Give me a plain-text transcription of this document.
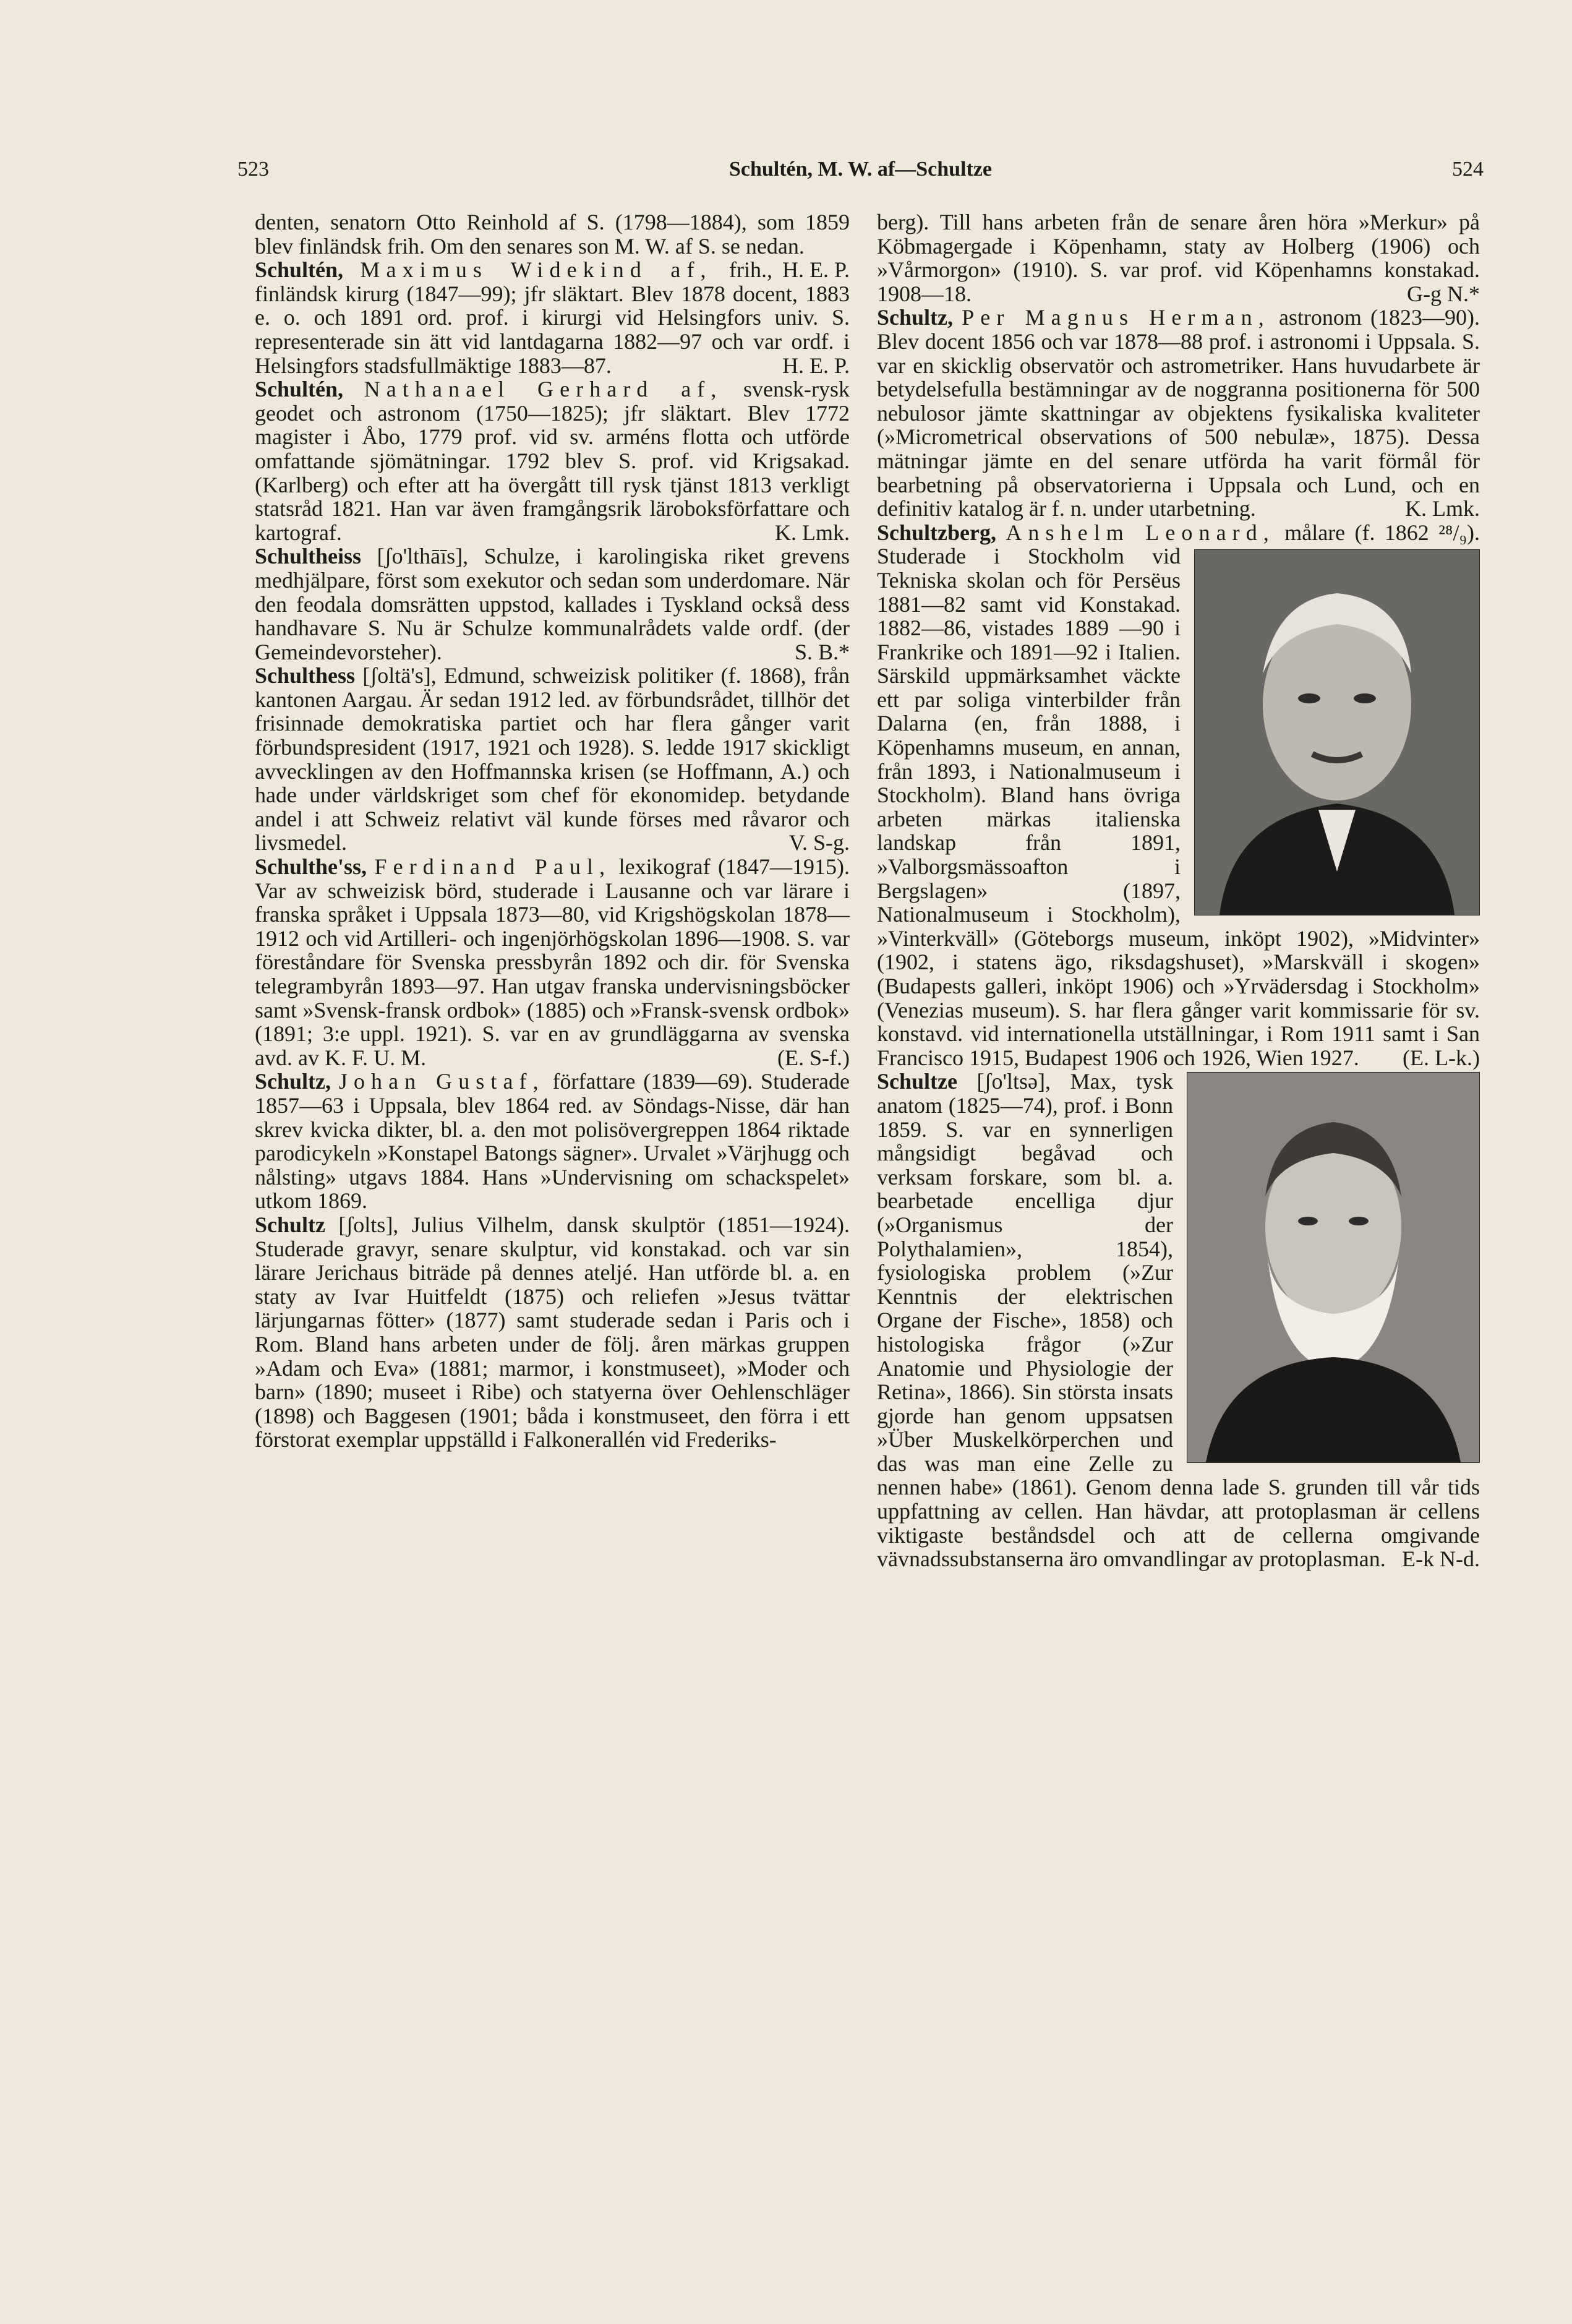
523	Schultén, M. W. af—Schultze	524

denten, senatorn Otto Reinhold af S. (1798—1884), som 1859 blev finländsk frih. Om den senares son M. W. af S. se nedan.
H. E. P.

Schultén, Maximus Widekind af, frih., finländsk kirurg (1847—99); jfr släktart. Blev 1878 docent, 1883 e. o. och 1891 ord. prof. i kirurgi vid Helsingfors univ. S. representerade sin ätt vid lantdagarna 1882—97 och var ordf. i Helsingfors stadsfullmäktige 1883—87.	H. E. P.

Schultén, Nathanael Gerhard af, svensk-rysk geodet och astronom (1750—1825); jfr släktart. Blev 1772 magister i Åbo, 1779 prof. vid sv. arméns flotta och utförde omfattande sjömätningar. 1792 blev S. prof. vid Krigsakad. (Karlberg) och efter att ha övergått till rysk tjänst 1813 verkligt statsråd 1821. Han var även framgångsrik läroboksförfattare och kartograf.	K. Lmk.

Schultheiss [ʃo'lthāīs], Schulze, i karolingiska riket grevens medhjälpare, först som exekutor och sedan som underdomare. När den feodala domsrätten uppstod, kallades i Tyskland också dess handhavare S. Nu är Schulze kommunalrådets valde ordf. (der Gemeindevorsteher).	S. B.*

Schulthess [ʃoltä's], Edmund, schweizisk politiker (f. 1868), från kantonen Aargau. Är sedan 1912 led. av förbundsrådet, tillhör det frisinnade demokratiska partiet och har flera gånger varit förbundspresident (1917, 1921 och 1928). S. ledde 1917 skickligt avvecklingen av den Hoffmannska krisen (se Hoffmann, A.) och hade under världskriget som chef för ekonomidep. betydande andel i att Schweiz relativt väl kunde förses med råvaror och livsmedel.	V. S-g.

Schulthe'ss, Ferdinand Paul, lexikograf (1847—1915). Var av schweizisk börd, studerade i Lausanne och var lärare i franska språket i Uppsala 1873—80, vid Krigshögskolan 1878—1912 och vid Artilleri- och ingenjörhögskolan 1896—1908. S. var föreståndare för Svenska pressbyrån 1892 och dir. för Svenska telegrambyrån 1893—97. Han utgav franska undervisningsböcker samt »Svensk-fransk ordbok» (1885) och »Fransk-svensk ordbok» (1891; 3:e uppl. 1921). S. var en av grundläggarna av svenska avd. av K. F. U. M.	(E. S-f.)

Schultz, Johan Gustaf, författare (1839—69). Studerade 1857—63 i Uppsala, blev 1864 red. av Söndags-Nisse, där han skrev kvicka dikter, bl. a. den mot polisövergreppen 1864 riktade parodicykeln »Konstapel Batongs sägner». Urvalet »Värjhugg och nålsting» utgavs 1884. Hans »Undervisning om schackspelet» utkom 1869.

Schultz [ʃolts], Julius Vilhelm, dansk skulptör (1851—1924). Studerade gravyr, senare skulptur, vid konstakad. och var sin lärare Jerichaus biträde på dennes ateljé. Han utförde bl. a. en staty av Ivar Huitfeldt (1875) och reliefen »Jesus tvättar lärjungarnas fötter» (1877) samt studerade sedan i Paris och i Rom. Bland hans arbeten under de följ. åren märkas gruppen »Adam och Eva» (1881; marmor, i konstmuseet), »Moder och barn» (1890; museet i Ribe) och statyerna över Oehlenschläger (1898) och Baggesen (1901; båda i konstmuseet, den förra i ett förstorat exemplar uppställd i Falkonerallén vid Frederiks-

berg). Till hans arbeten från de senare åren höra »Merkur» på Köbmagergade i Köpenhamn, staty av Holberg (1906) och »Vårmorgon» (1910). S. var prof. vid Köpenhamns konstakad. 1908—18.	G-g N.*

Schultz, Per Magnus Herman, astronom (1823—90). Blev docent 1856 och var 1878—88 prof. i astronomi i Uppsala. S. var en skicklig observatör och astrometriker. Hans huvudarbete är betydelsefulla bestämningar av de noggranna positionerna för 500 nebulosor jämte skattningar av objektens fysikaliska kvaliteter (»Micrometrical observations of 500 nebulæ», 1875). Dessa mätningar jämte en del senare utförda ha varit förmål för bearbetning på observatorierna i Uppsala och Lund, och en definitiv katalog är f. n. under utarbetning.	K. Lmk.

Schultzberg, Anshelm Leonard, målare (f. 1862 ²⁸/₉). Studerade i Stockholm vid Tekniska skolan och för Persëus 1881—82 samt vid Konstakad. 1882—86, vistades 1889 —90 i Frankrike och 1891—92 i Italien. Särskild uppmärksamhet väckte ett par soliga vinterbilder från Dalarna (en, från 1888, i Köpenhamns museum, en annan, från 1893, i Nationalmuseum i Stockholm). Bland hans övriga arbeten märkas italienska landskap från 1891, »Valborgsmässoafton i Bergslagen» (1897, Nationalmuseum i Stockholm), »Vinterkväll» (Göteborgs museum, inköpt 1902), »Midvinter» (1902, i statens ägo, riksdagshuset), »Marskväll i skogen» (Budapests galleri, inköpt 1906) och »Yrvädersdag i Stockholm» (Venezias museum). S. har flera gånger varit kommissarie för sv. konstavd. vid internationella utställningar, i Rom 1911 samt i San Francisco 1915, Budapest 1906 och 1926, Wien 1927. (E. L-k.)

Schultze [ʃo'ltsə], Max, tysk anatom (1825—74), prof. i Bonn 1859. S. var en synnerligen mångsidigt begåvad och verksam forskare, som bl. a. bearbetade encelliga djur (»Organismus der Polythalamien», 1854), fysiologiska problem (»Zur Kenntnis der elektrischen Organe der Fische», 1858) och histologiska frågor (»Zur Anatomie und Physiologie der Retina», 1866). Sin största insats gjorde han genom uppsatsen »Über Muskelkörperchen und das was man eine Zelle zu nennen habe» (1861). Genom denna lade S. grunden till vår tids uppfattning av cellen. Han hävdar, att protoplasman är cellens viktigaste beståndsdel och att de cellerna omgivande vävnadssubstanserna äro omvandlingar av protoplasman. E-k N-d.
